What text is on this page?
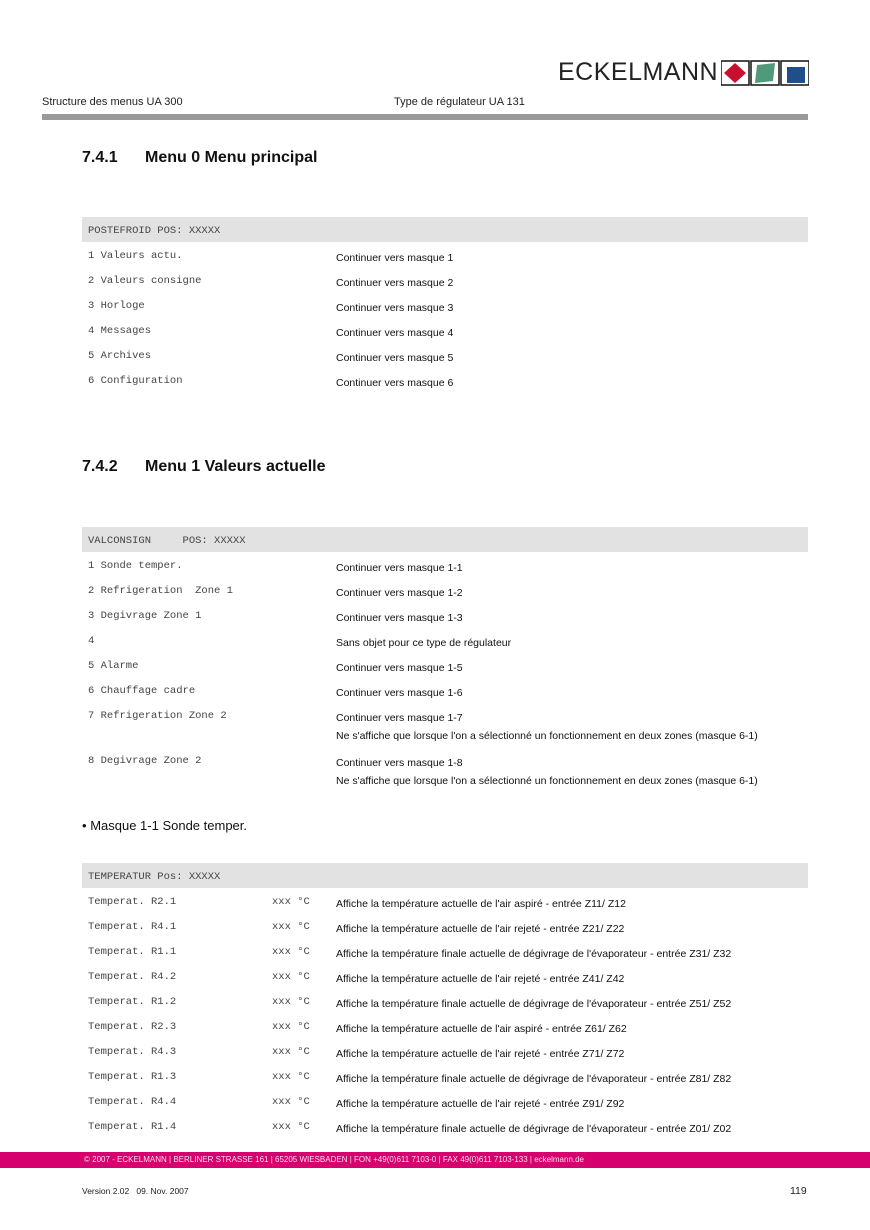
ECKELMANN
Structure des menus UA 300	Type de régulateur UA 131
7.4.1 Menu 0 Menu principal
POSTEFROID POS: XXXXX
1 Valeurs actu.	Continuer vers masque 1
2 Valeurs consigne	Continuer vers masque 2
3 Horloge	Continuer vers masque 3
4 Messages	Continuer vers masque 4
5 Archives	Continuer vers masque 5
6 Configuration	Continuer vers masque 6
7.4.2 Menu 1 Valeurs actuelle
VALCONSIGN     POS: XXXXX
1 Sonde temper.	Continuer vers masque 1-1
2 Refrigeration  Zone 1	Continuer vers masque 1-2
3 Degivrage Zone 1	Continuer vers masque 1-3
4	Sans objet pour ce type de régulateur
5 Alarme	Continuer vers masque 1-5
6 Chauffage cadre	Continuer vers masque 1-6
7 Refrigeration Zone 2	Continuer vers masque 1-7
Ne s'affiche que lorsque l'on a sélectionné un fonctionnement en deux zones (masque 6-1)
8 Degivrage Zone 2	Continuer vers masque 1-8
Ne s'affiche que lorsque l'on a sélectionné un fonctionnement en deux zones (masque 6-1)
• Masque 1-1 Sonde temper.
TEMPERATUR Pos: XXXXX
Temperat. R2.1	xxx °C Affiche la température actuelle de l'air aspiré - entrée Z11/ Z12
Temperat. R4.1	xxx °C Affiche la température actuelle de l'air rejeté - entrée Z21/ Z22
Temperat. R1.1	xxx °C Affiche la température finale actuelle de dégivrage de l'évaporateur - entrée Z31/ Z32
Temperat. R4.2	xxx °C Affiche la température actuelle de l'air rejeté - entrée Z41/ Z42
Temperat. R1.2	xxx °C Affiche la température finale actuelle de dégivrage de l'évaporateur - entrée Z51/ Z52
Temperat. R2.3	xxx °C Affiche la température actuelle de l'air aspiré - entrée Z61/ Z62
Temperat. R4.3	xxx °C Affiche la température actuelle de l'air rejeté - entrée Z71/ Z72
Temperat. R1.3	xxx °C Affiche la température finale actuelle de dégivrage de l'évaporateur - entrée Z81/ Z82
Temperat. R4.4	xxx °C Affiche la température actuelle de l'air rejeté - entrée Z91/ Z92
Temperat. R1.4	xxx °C Affiche la température finale actuelle de dégivrage de l'évaporateur - entrée Z01/ Z02
© 2007 - ECKELMANN | BERLINER STRASSE 161 | 65205 WIESBADEN | FON +49(0)611 7103-0 | FAX 49(0)611 7103-133 | eckelmann.de
Version 2.02   09. Nov. 2007	119
